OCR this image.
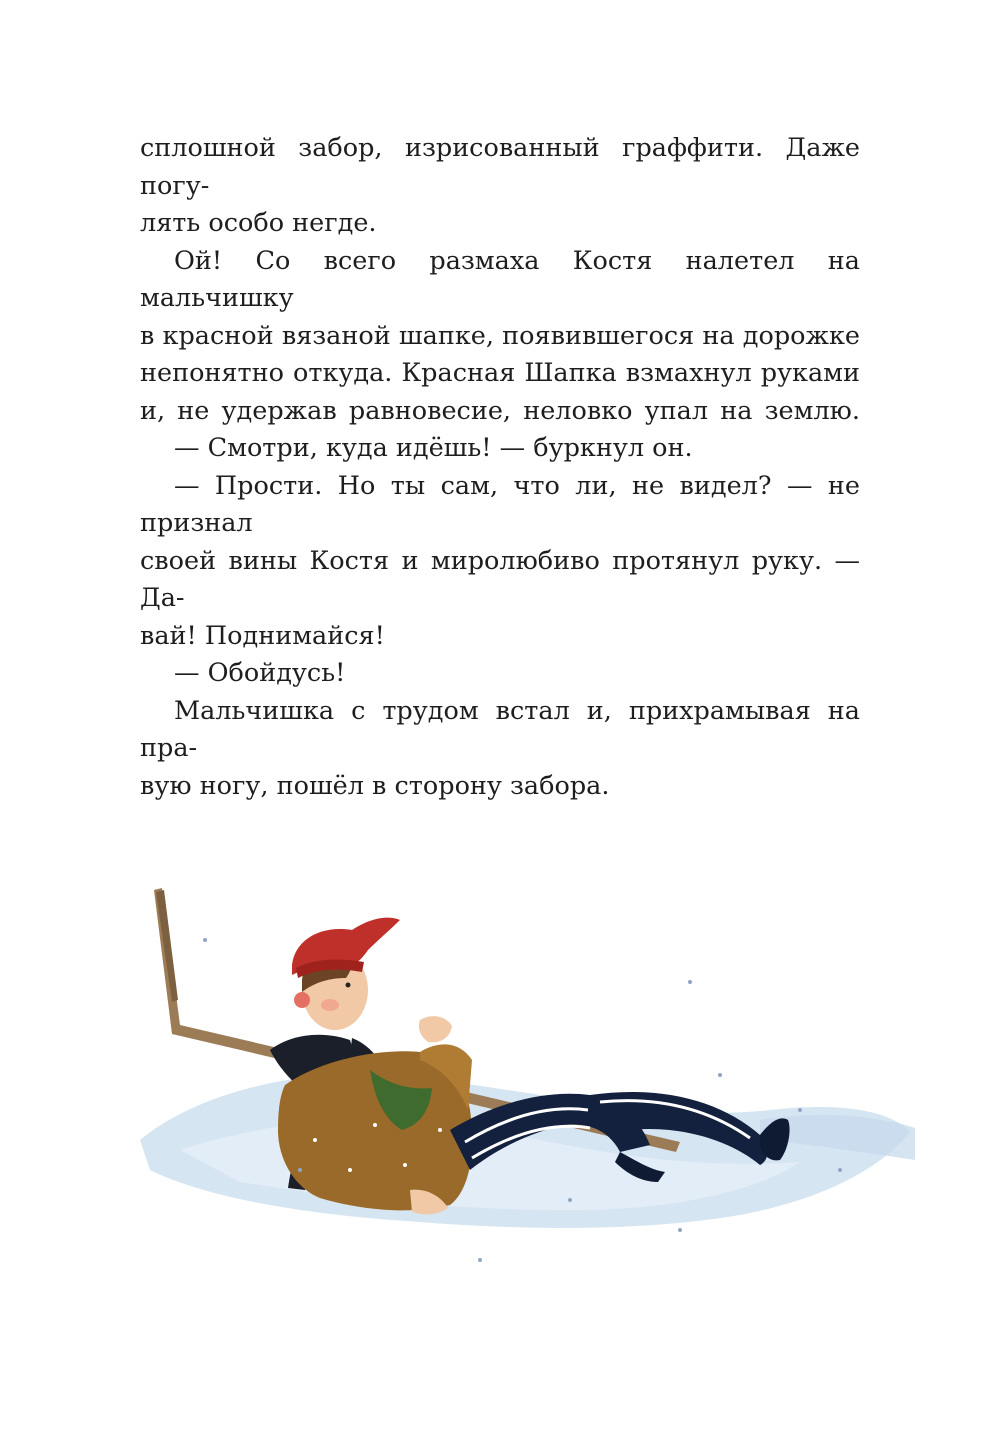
сплошной забор, изрисованный граффити. Даже погу-
лять особо негде.

Ой! Со всего размаха Костя налетел на мальчишку
в красной вязаной шапке, появившегося на дорожке
непонятно откуда. Красная Шапка взмахнул руками
и, не удержав равновесие, неловко упал на землю.

— Смотри, куда идёшь! — буркнул он.

— Прости. Но ты сам, что ли, не видел? — не признал
своей вины Костя и миролюбиво протянул руку. — Да-
вай! Поднимайся!

— Обойдусь!

Мальчишка с трудом встал и, прихрамывая на пра-
вую ногу, пошёл в сторону забора.
